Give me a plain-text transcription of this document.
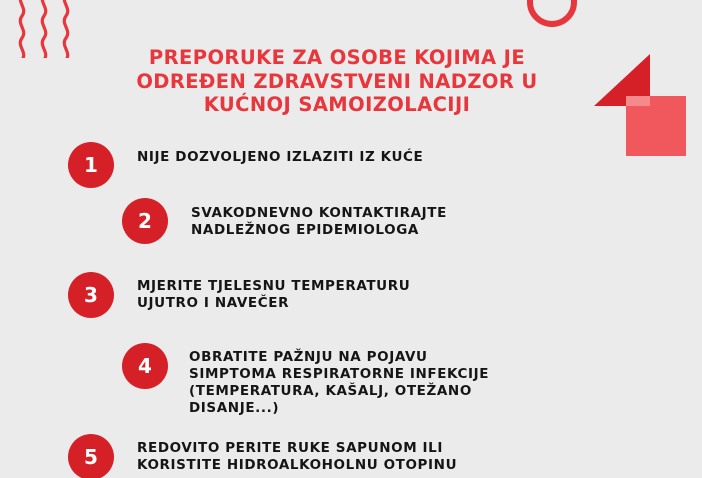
PREPORUKE ZA OSOBE KOJIMA JE
ODREĐEN ZDRAVSTVENI NADZOR U
KUĆNOJ SAMOIZOLACIJI
1	NIJE DOZVOLJENO IZLAZITI IZ KUĆE
2	SVAKODNEVNO KONTAKTIRAJTE
NADLEŽNOG EPIDEMIOLOGA
3	MJERITE TJELESNU TEMPERATURU
UJUTRO I NAVEČER
4	OBRATITE PAŽNJU NA POJAVU
SIMPTOMA RESPIRATORNE INFEKCIJE
(TEMPERATURA, KAŠALJ, OTEŽANO
DISANJE...)
5	REDOVITO PERITE RUKE SAPUNOM ILI
KORISTITE HIDROALKOHOLNU OTOPINU
